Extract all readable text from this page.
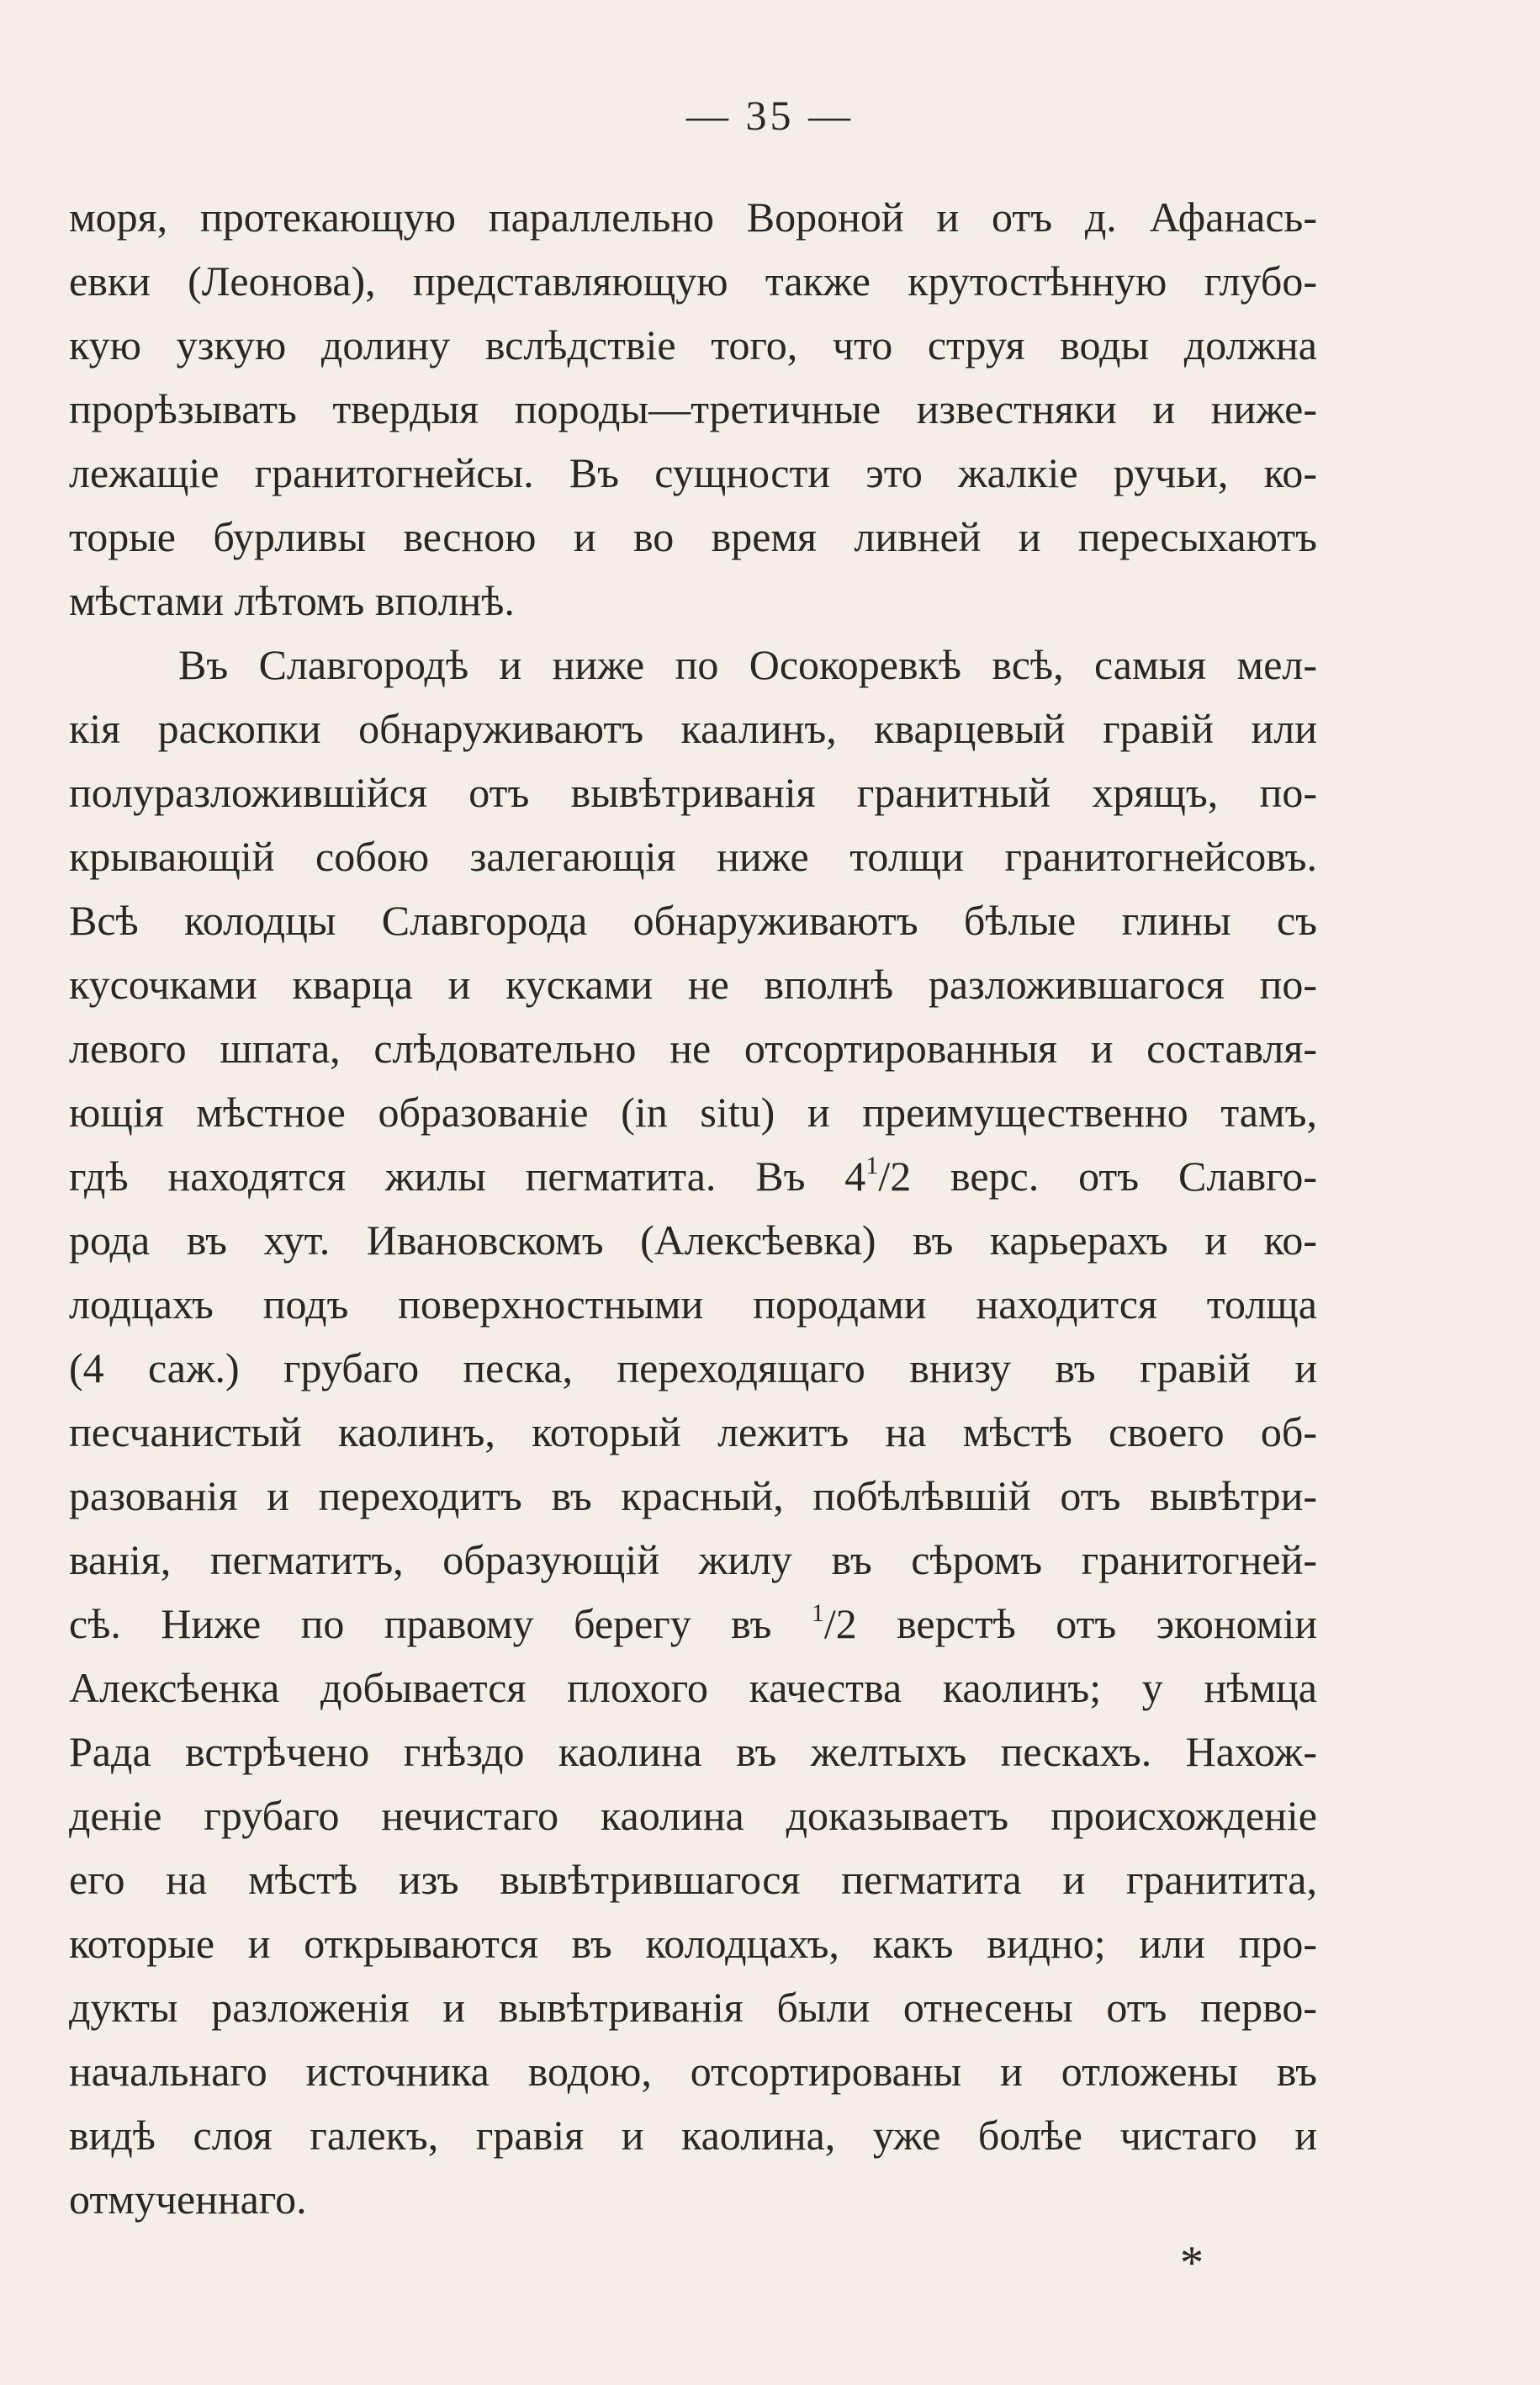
— 35 —
моря, протекающую параллельно Вороной и отъ д. Афанась-
евки (Леонова), представляющую также крутостѣнную глубо-
кую узкую долину вслѣдствіе того, что струя воды должна
прорѣзывать твердыя породы—третичные известняки и ниже-
лежащіе гранитогнейсы. Въ сущности это жалкіе ручьи, ко-
торые бурливы весною и во время ливней и пересыхаютъ
мѣстами лѣтомъ вполнѣ.
Въ Славгородѣ и ниже по Осокоревкѣ всѣ, самыя мел-
кія раскопки обнаруживаютъ каалинъ, кварцевый гравій или
полуразложившійся отъ вывѣтриванія гранитный хрящъ, по-
крывающій собою залегающія ниже толщи гранитогнейсовъ.
Всѣ колодцы Славгорода обнаруживаютъ бѣлые глины съ
кусочками кварца и кусками не вполнѣ разложившагося по-
левого шпата, слѣдовательно не отсортированныя и составля-
ющія мѣстное образованіе (in situ) и преимущественно тамъ,
гдѣ находятся жилы пегматита. Въ $4^1/2$ верс. отъ Славго-
рода въ хут. Ивановскомъ (Алексѣевка) въ карьерахъ и ко-
лодцахъ подъ поверхностными породами находится толща
(4 саж.) грубаго песка, переходящаго внизу въ гравій и
песчанистый каолинъ, который лежитъ на мѣстѣ своего об-
разованія и переходитъ въ красный, побѣлѣвшій отъ вывѣтри-
ванія, пегматитъ, образующій жилу въ сѣромъ гранитогней-
сѣ. Ниже по правому берегу въ $^1$/2 верстѣ отъ экономіи
Алексѣенка добывается плохого качества каолинъ; у нѣмца
Рада встрѣчено гнѣздо каолина въ желтыхъ пескахъ. Нахож-
деніе грубаго нечистаго каолина доказываетъ происхожденіе
его на мѣстѣ изъ вывѣтрившагося пегматита и гранитита,
которые и открываются въ колодцахъ, какъ видно; или про-
дукты разложенія и вывѣтриванія были отнесены отъ перво-
начальнаго источника водою, отсортированы и отложены въ
видѣ слоя галекъ, гравія и каолина, уже болѣе чистаго и
отмученнаго.
*
